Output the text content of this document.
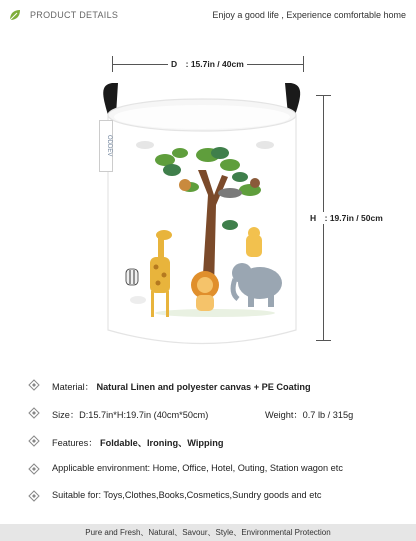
PRODUCT DETAILS	Enjoy a good life , Experience comfortable home
D　: 15.7in / 40cm
H　: 19.7in / 50cm
ODDEV
Material： Natural Linen and polyester canvas + PE Coating
Size：D:15.7in*H:19.7in (40cm*50cm)	Weight：0.7 lb / 315g
Features： Foldable、Ironing、Wipping
Applicable environment: Home, Office, Hotel, Outing, Station wagon etc
Suitable for: Toys,Clothes,Books,Cosmetics,Sundry goods and etc
Pure and Fresh、Natural、Savour、Style、Environmental Protection
